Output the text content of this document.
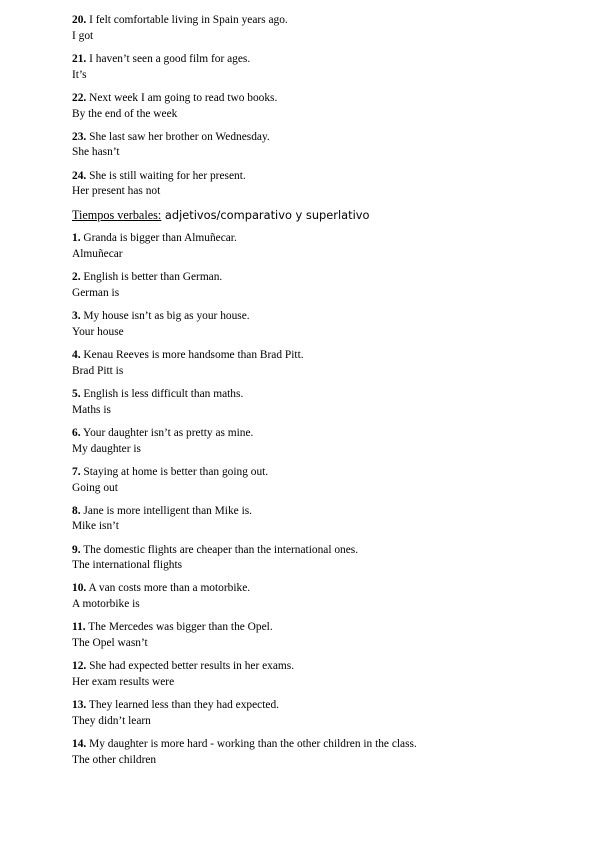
20. I felt comfortable living in Spain years ago.
I got
21. I haven’t seen a good film for ages.
It’s
22. Next week I am going to read two books.
By the end of the week
23. She last saw her brother on Wednesday.
She hasn’t
24. She is still waiting for her present.
Her present has not
Tiempos verbales: adjetivos/comparativo y superlativo
1. Granda is bigger than Almuñecar.
Almuñecar
2. English is better than German.
German is
3. My house isn’t as big as your house.
Your house
4. Kenau Reeves is more handsome than Brad Pitt.
Brad Pitt is
5. English is less difficult than maths.
Maths is
6. Your daughter isn’t as pretty as mine.
My daughter is
7. Staying at home is better than going out.
Going out
8. Jane is more intelligent than Mike is.
Mike isn’t
9. The domestic flights are cheaper than the international ones.
The international flights
10. A van costs more than a motorbike.
A motorbike is
11. The Mercedes was bigger than the Opel.
The Opel wasn’t
12. She had expected better results in her exams.
Her exam results were
13. They learned less than they had expected.
They didn’t learn
14. My daughter is more hard - working than the other children in the class.
The other children
